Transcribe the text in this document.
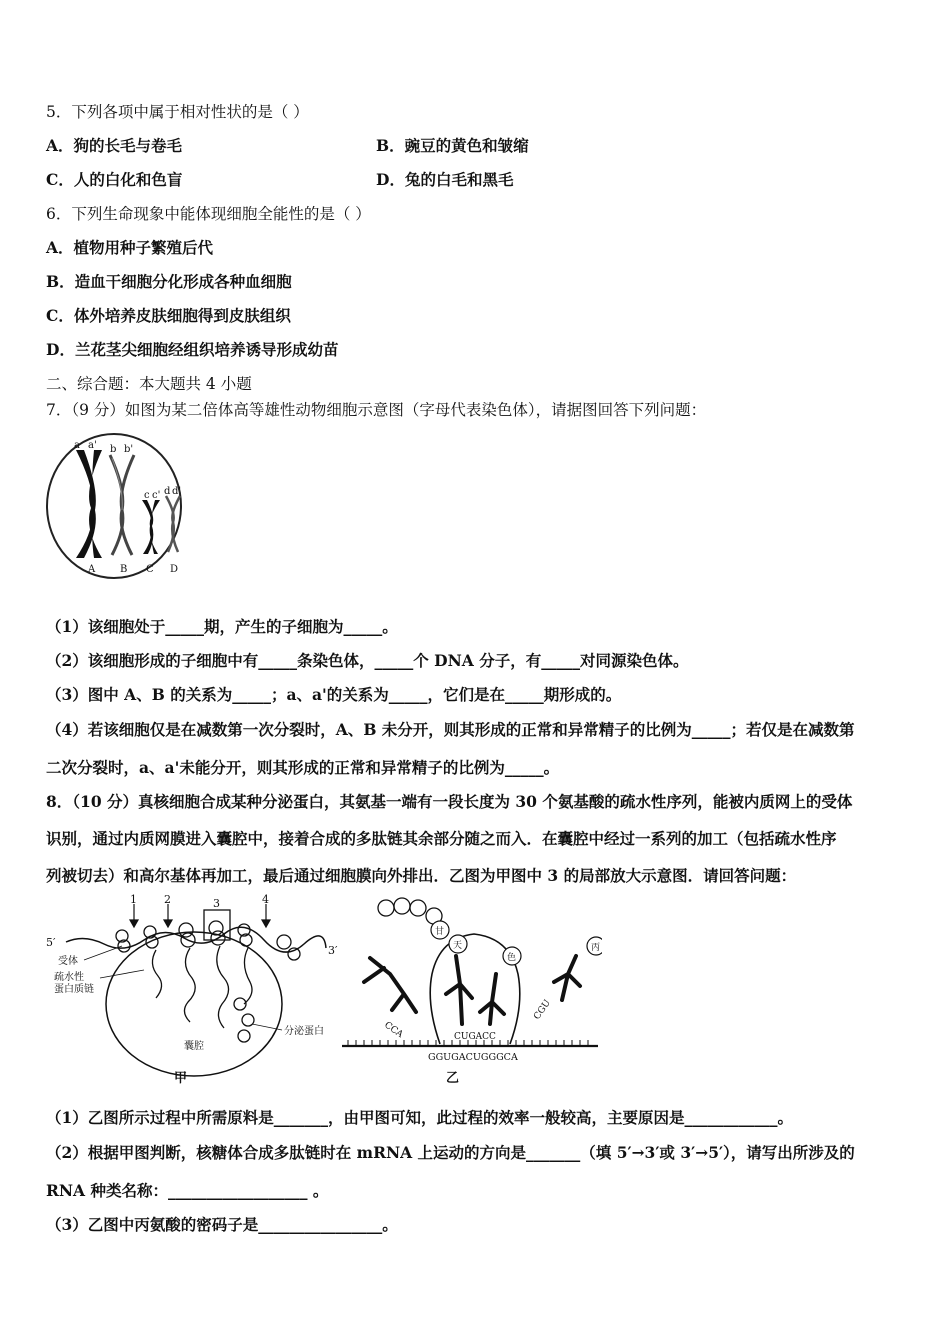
5．下列各项中属于相对性状的是（ ）
A．狗的长毛与卷毛	B．豌豆的黄色和皱缩
C．人的白化和色盲	D．兔的白毛和黑毛
6．下列生命现象中能体现细胞全能性的是（ ）
A．植物用种子繁殖后代
B．造血干细胞分化形成各种血细胞
C．体外培养皮肤细胞得到皮肤组织
D．兰花茎尖细胞经组织培养诱导形成幼苗
二、综合题：本大题共 4 小题
7．（9 分）如图为某二倍体高等雄性动物细胞示意图（字母代表染色体），请据图回答下列问题：
a a' b b'
c c' d d'
A B C D
（1）该细胞处于_____期，产生的子细胞为_____。
（2）该细胞形成的子细胞中有_____条染色体，_____个 DNA 分子，有_____对同源染色体。
（3）图中 A、B 的关系为_____；a、a'的关系为_____，它们是在_____期形成的。
（4）若该细胞仅是在减数第一次分裂时，A、B 未分开，则其形成的正常和异常精子的比例为_____；若仅是在减数第
二次分裂时，a、a'未能分开，则其形成的正常和异常精子的比例为_____。
8．（10 分）真核细胞合成某种分泌蛋白，其氨基一端有一段长度为 30 个氨基酸的疏水性序列，能被内质网上的受体
识别，通过内质网膜进入囊腔中，接着合成的多肽链其余部分随之而入．在囊腔中经过一系列的加工（包括疏水性序
列被切去）和高尔基体再加工，最后通过细胞膜向外排出．乙图为甲图中 3 的局部放大示意图．请回答问题：
5′
3′
1 2	3	4
受体
疏水性
蛋白质链
分泌蛋白
囊腔
甲
甘
天
色
丙
CCA	CUGACC
CGU
GGUGACUGGGCA
乙
（1）乙图所示过程中所需原料是_______，由甲图可知，此过程的效率一般较高，主要原因是____________。
（2）根据甲图判断，核糖体合成多肽链时在 mRNA 上运动的方向是_______（填 5′→3′或 3′→5′），请写出所涉及的
RNA 种类名称：__________________ 。
（3）乙图中丙氨酸的密码子是________________。
